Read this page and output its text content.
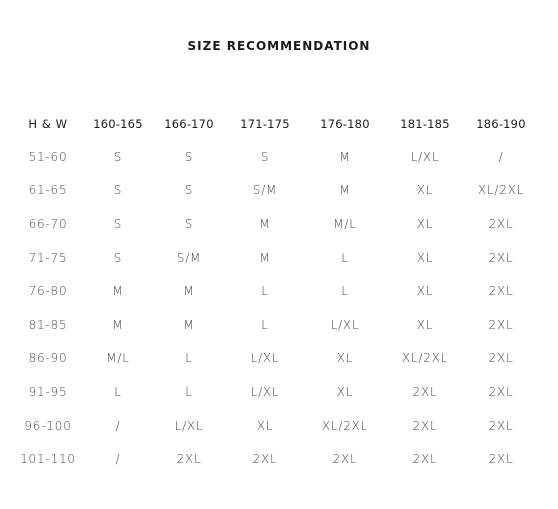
SIZE RECOMMENDATION
H & W	160-165	166-170	171-175	176-180	181-185	186-190
51-60	S	S	S	M	L/XL	/
61-65	S	S	S/M	M	XL	XL/2XL
66-70	S	S	M	M/L	XL	2XL
71-75	S	S/M	M	L	XL	2XL
76-80	M	M	L	L	XL	2XL
81-85	M	M	L	L/XL	XL	2XL
86-90	M/L	L	L/XL	XL	XL/2XL	2XL
91-95	L	L	L/XL	XL	2XL	2XL
96-100	/	L/XL	XL	XL/2XL	2XL	2XL
101-110	/	2XL	2XL	2XL	2XL	2XL
